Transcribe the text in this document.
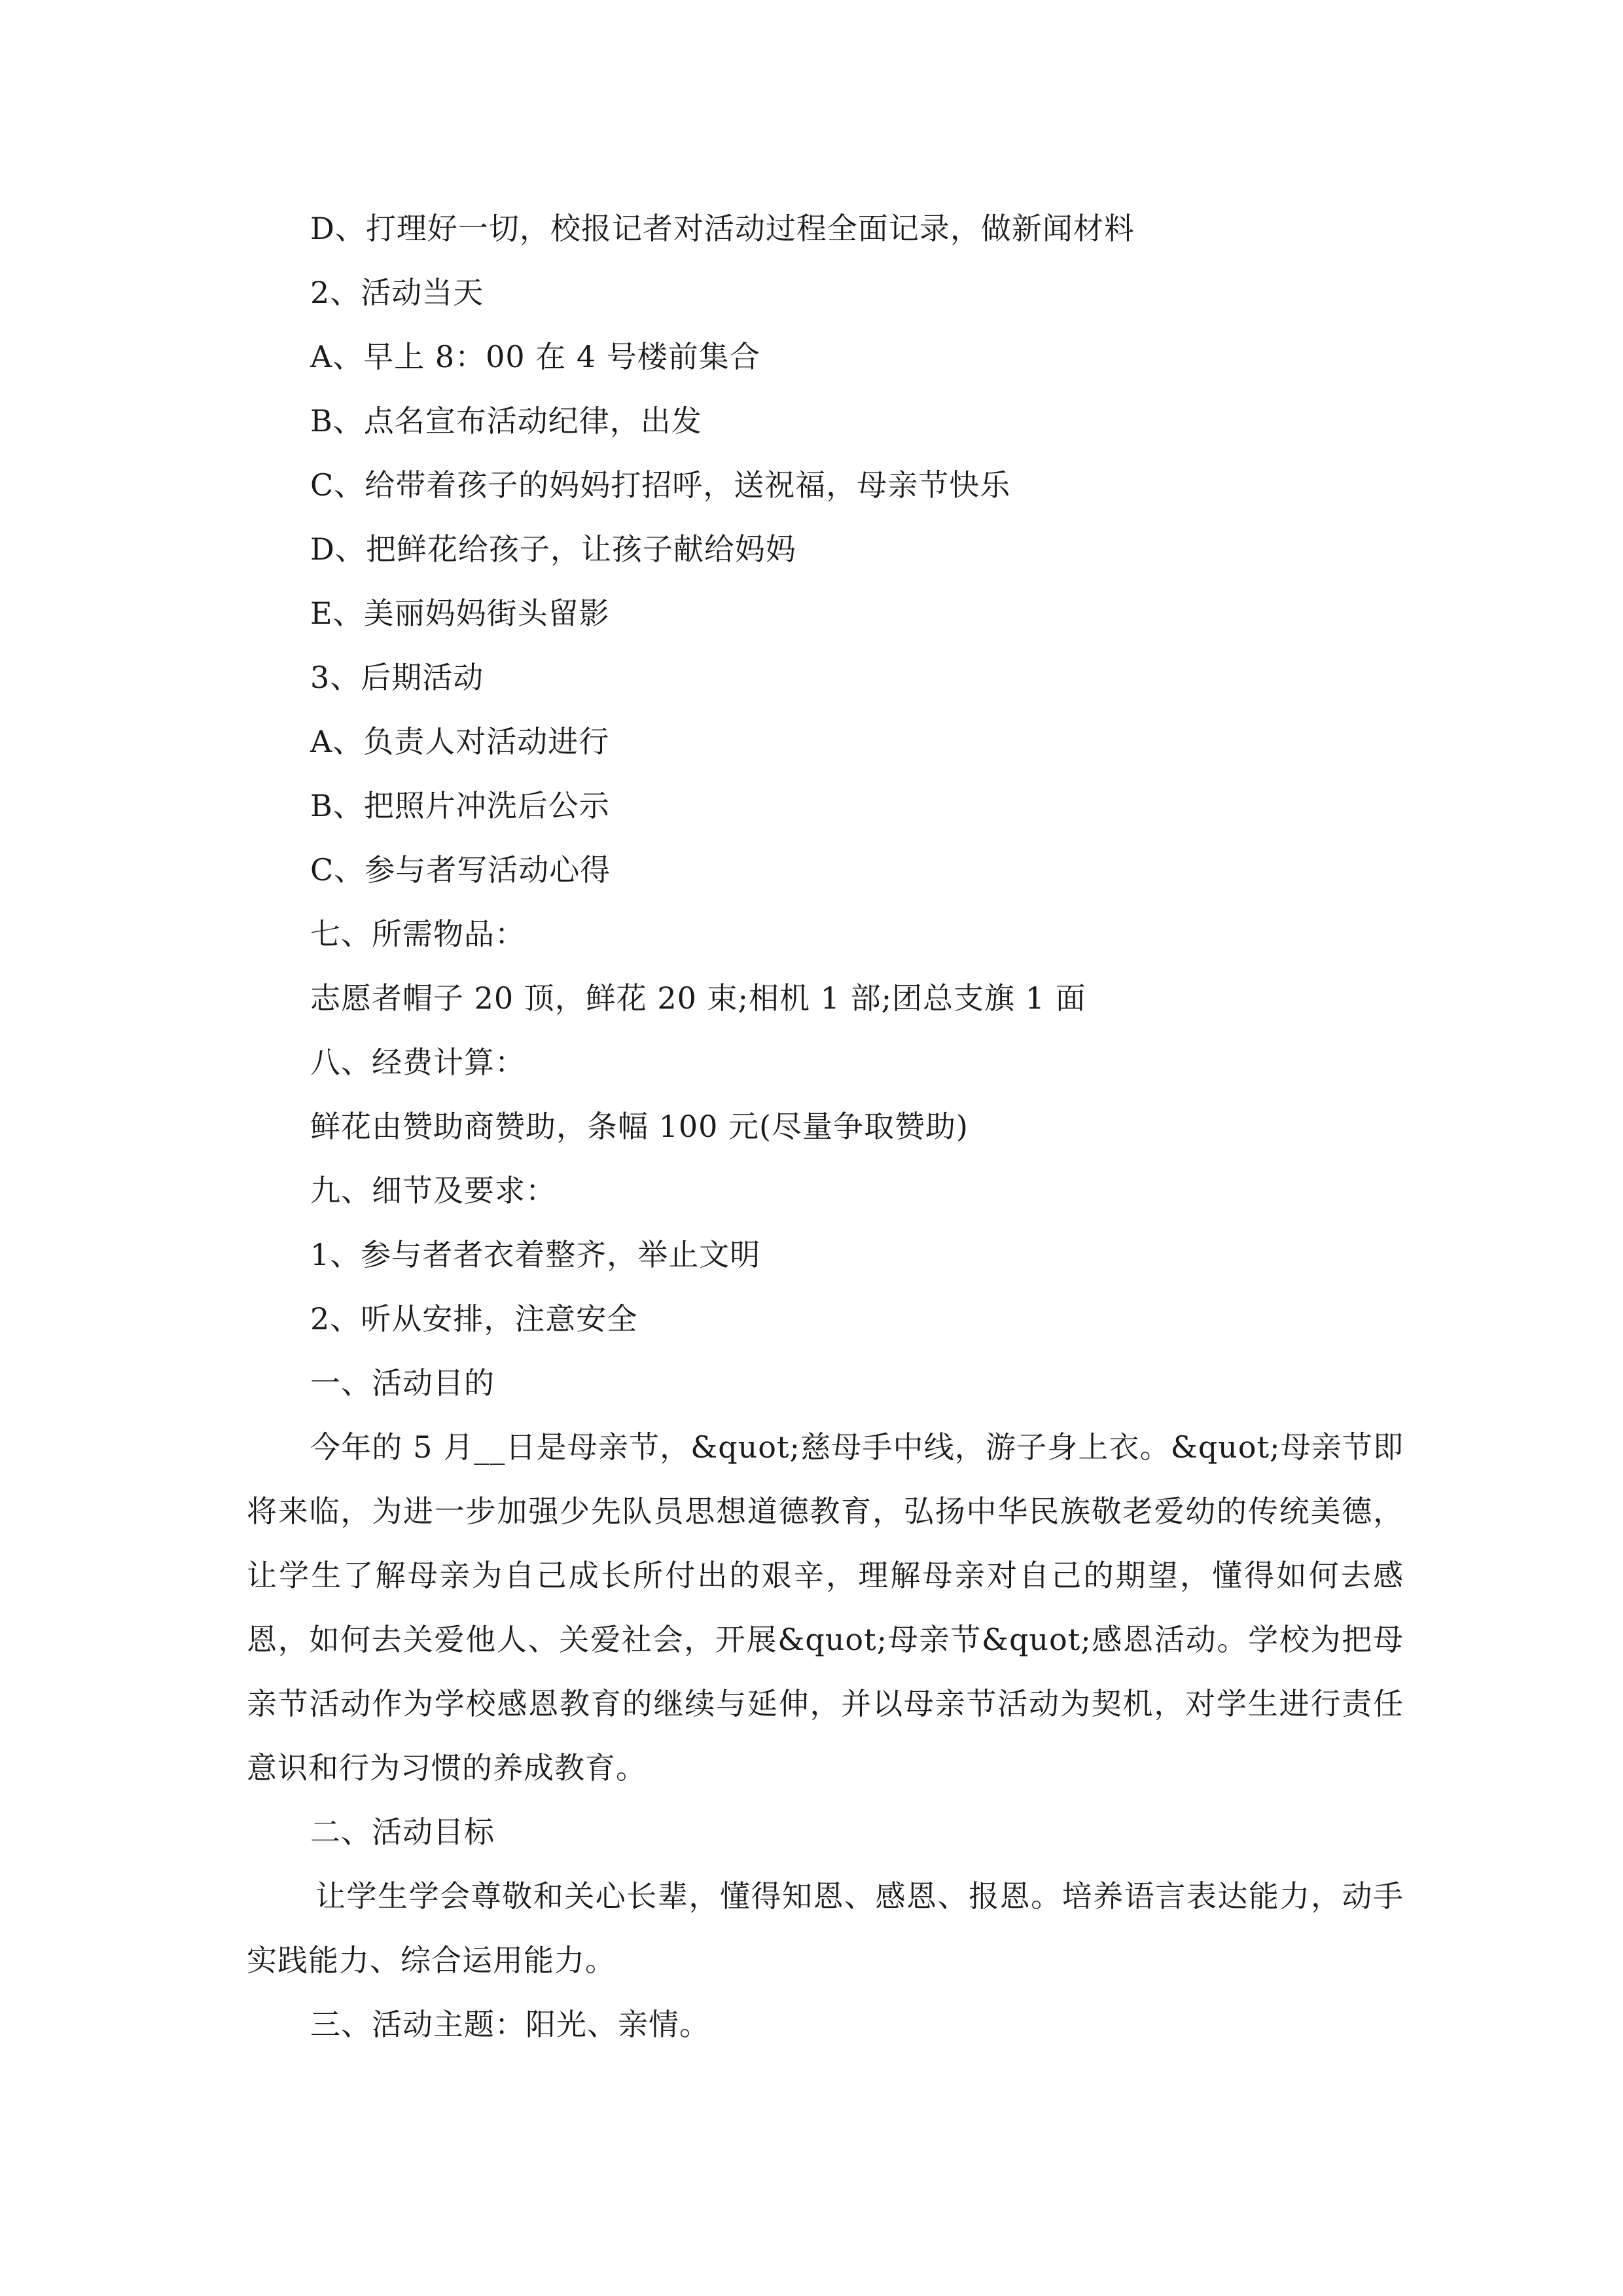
D、打理好一切，校报记者对活动过程全面记录，做新闻材料
2、活动当天
A、早上 8：00 在 4 号楼前集合
B、点名宣布活动纪律，出发
C、给带着孩子的妈妈打招呼，送祝福，母亲节快乐
D、把鲜花给孩子，让孩子献给妈妈
E、美丽妈妈街头留影
3、后期活动
A、负责人对活动进行
B、把照片冲洗后公示
C、参与者写活动心得
七、所需物品：
志愿者帽子 20 顶，鲜花 20 束;相机 1 部;团总支旗 1 面
八、经费计算：
鲜花由赞助商赞助，条幅 100 元(尽量争取赞助)
九、细节及要求：
1、参与者者衣着整齐，举止文明
2、听从安排，注意安全
一、活动目的

今年的 5 月__日是母亲节，&quot;慈母手中线，游子身上衣。&quot;母亲节即将来临，为进一步加强少先队员思想道德教育，弘扬中华民族敬老爱幼的传统美德，让学生了解母亲为自己成长所付出的艰辛，理解母亲对自己的期望，懂得如何去感恩，如何去关爱他人、关爱社会，开展&quot;母亲节&quot;感恩活动。学校为把母亲节活动作为学校感恩教育的继续与延伸，并以母亲节活动为契机，对学生进行责任意识和行为习惯的养成教育。

二、活动目标

让学生学会尊敬和关心长辈，懂得知恩、感恩、报恩。培养语言表达能力，动手实践能力、综合运用能力。

三、活动主题：阳光、亲情。
